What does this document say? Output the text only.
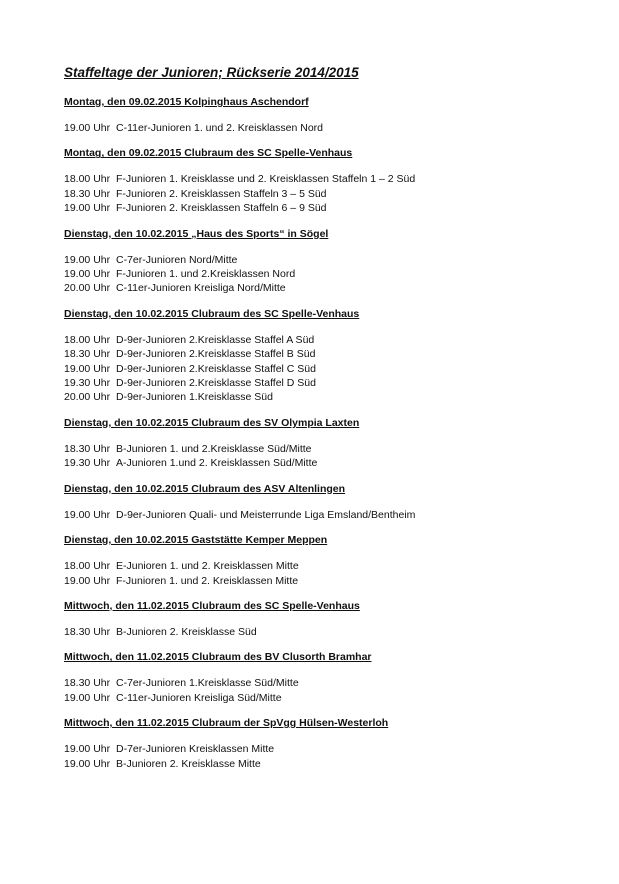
Staffeltage der Junioren; Rückserie 2014/2015
Montag, den 09.02.2015 Kolpinghaus Aschendorf
19.00 Uhr C-11er-Junioren 1. und 2. Kreisklassen Nord
Montag, den 09.02.2015 Clubraum des SC Spelle-Venhaus
18.00 Uhr F-Junioren 1. Kreisklasse und 2. Kreisklassen Staffeln 1 – 2 Süd
18.30 Uhr F-Junioren 2. Kreisklassen Staffeln 3 – 5 Süd
19.00 Uhr F-Junioren 2. Kreisklassen Staffeln 6 – 9 Süd
Dienstag, den 10.02.2015 „Haus des Sports“ in Sögel
19.00 Uhr C-7er-Junioren Nord/Mitte
19.00 Uhr F-Junioren 1. und 2.Kreisklassen Nord
20.00 Uhr C-11er-Junioren Kreisliga Nord/Mitte
Dienstag, den 10.02.2015 Clubraum des SC Spelle-Venhaus
18.00 Uhr D-9er-Junioren 2.Kreisklasse Staffel A Süd
18.30 Uhr D-9er-Junioren 2.Kreisklasse Staffel B Süd
19.00 Uhr D-9er-Junioren 2.Kreisklasse Staffel C Süd
19.30 Uhr D-9er-Junioren 2.Kreisklasse Staffel D Süd
20.00 Uhr D-9er-Junioren 1.Kreisklasse Süd
Dienstag, den 10.02.2015 Clubraum des SV Olympia Laxten
18.30 Uhr B-Junioren 1. und 2.Kreisklasse Süd/Mitte
19.30 Uhr A-Junioren 1.und 2. Kreisklassen Süd/Mitte
Dienstag, den 10.02.2015 Clubraum des ASV Altenlingen
19.00 Uhr D-9er-Junioren Quali- und Meisterrunde Liga Emsland/Bentheim
Dienstag, den 10.02.2015 Gaststätte Kemper Meppen
18.00 Uhr E-Junioren 1. und 2. Kreisklassen Mitte
19.00 Uhr F-Junioren 1. und 2. Kreisklassen Mitte
Mittwoch, den 11.02.2015 Clubraum des SC Spelle-Venhaus
18.30 Uhr B-Junioren 2. Kreisklasse Süd
Mittwoch, den 11.02.2015 Clubraum des BV Clusorth Bramhar
18.30 Uhr C-7er-Junioren 1.Kreisklasse Süd/Mitte
19.00 Uhr C-11er-Junioren Kreisliga Süd/Mitte
Mittwoch, den 11.02.2015 Clubraum der SpVgg Hülsen-Westerloh
19.00 Uhr D-7er-Junioren Kreisklassen Mitte
19.00 Uhr B-Junioren 2. Kreisklasse Mitte
